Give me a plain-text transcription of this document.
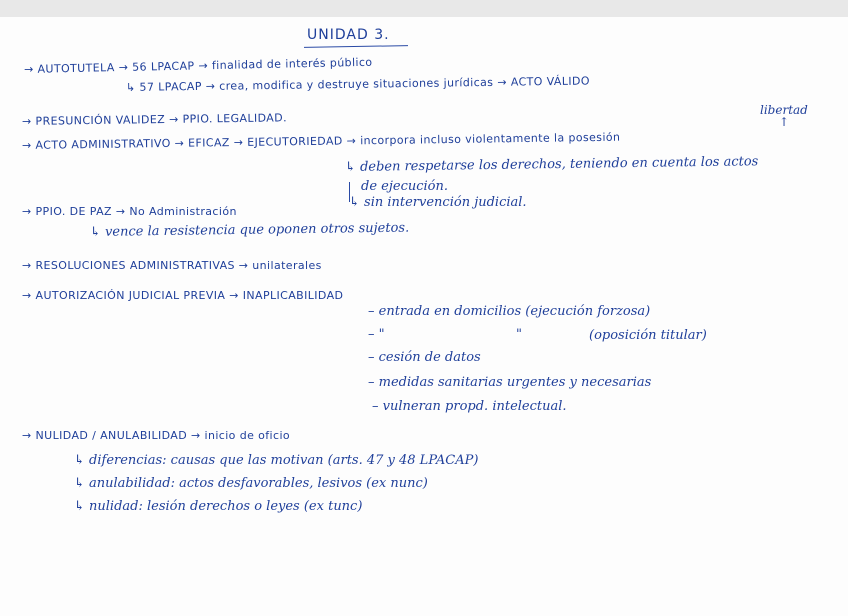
UNIDAD 3.
→ AUTOTUTELA → 56 LPACAP → finalidad de interés público
↳ 57 LPACAP → crea, modifica y destruye situaciones jurídicas → ACTO VÁLIDO
libertad
↑
→ PRESUNCIÓN VALIDEZ → PPIO. LEGALIDAD.
→ ACTO ADMINISTRATIVO → EFICAZ → EJECUTORIEDAD → incorpora incluso violentamente la posesión
↳ deben respetarse los derechos, teniendo en cuenta los actos
de ejecución.
↳ sin intervención judicial.
→ PPIO. DE PAZ → No Administración
↳ vence la resistencia que oponen otros sujetos.
→ RESOLUCIONES ADMINISTRATIVAS → unilaterales
→ AUTORIZACIÓN JUDICIAL PREVIA → INAPLICABILIDAD
– entrada en domicilios (ejecución forzosa)
– "	"	(oposición titular)
– cesión de datos
– medidas sanitarias urgentes y necesarias
– vulneran propd. intelectual.
→ NULIDAD / ANULABILIDAD → inicio de oficio
↳ diferencias: causas que las motivan (arts. 47 y 48 LPACAP)
↳ anulabilidad: actos desfavorables, lesivos (ex nunc)
↳ nulidad: lesión derechos o leyes (ex tunc)
